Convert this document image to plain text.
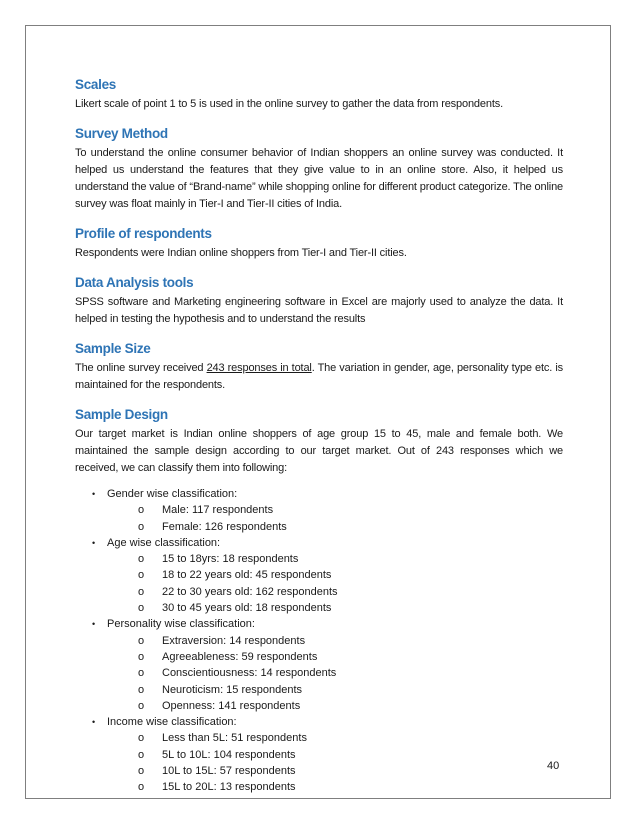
Scales

Likert scale of point 1 to 5 is used in the online survey to gather the data from respondents.

Survey Method

To understand the online consumer behavior of Indian shoppers an online survey was conducted. It helped us understand the features that they give value to in an online store. Also, it helped us understand the value of “Brand-name” while shopping online for different product categorize. The online survey was float mainly in Tier-I and Tier-II cities of India.

Profile of respondents

Respondents were Indian online shoppers from Tier-I and Tier-II cities.

Data Analysis tools

SPSS software and Marketing engineering software in Excel are majorly used to analyze the data. It helped in testing the hypothesis and to understand the results

Sample Size

The online survey received 243 responses in total. The variation in gender, age, personality type etc. is maintained for the respondents.

Sample Design

Our target market is Indian online shoppers of age group 15 to 45, male and female both. We maintained the sample design according to our target market. Out of 243 responses which we received, we can classify them into following:

• Gender wise classification:
o Male: 117 respondents
o Female: 126 respondents
• Age wise classification:
o 15 to 18yrs: 18 respondents
o 18 to 22 years old: 45 respondents
o 22 to 30 years old: 162 respondents
o 30 to 45 years old: 18 respondents
• Personality wise classification:
o Extraversion: 14 respondents
o Agreeableness: 59 respondents
o Conscientiousness: 14 respondents
o Neuroticism: 15 respondents
o Openness: 141 respondents
• Income wise classification:
o Less than 5L: 51 respondents
o 5L to 10L: 104 respondents
o 10L to 15L: 57 respondents
o 15L to 20L: 13 respondents
40
